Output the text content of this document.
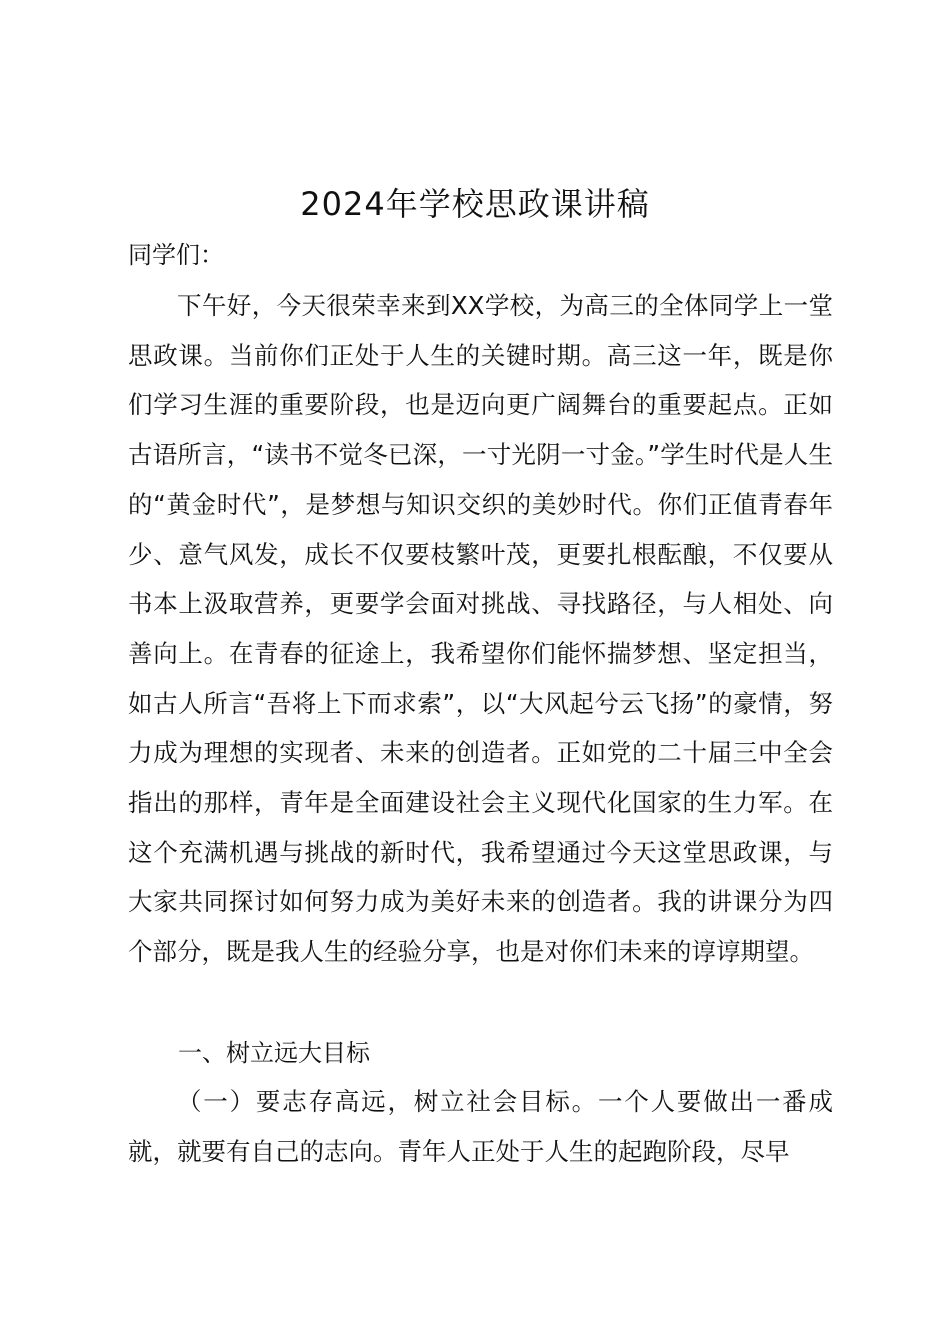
2024年学校思政课讲稿
同学们：

下午好，今天很荣幸来到XX学校，为高三的全体同学上一堂思政课。当前你们正处于人生的关键时期。高三这一年，既是你们学习生涯的重要阶段，也是迈向更广阔舞台的重要起点。正如古语所言，“读书不觉冬已深，一寸光阴一寸金。”学生时代是人生的“黄金时代”，是梦想与知识交织的美妙时代。你们正值青春年少、意气风发，成长不仅要枝繁叶茂，更要扎根酝酿，不仅要从书本上汲取营养，更要学会面对挑战、寻找路径，与人相处、向善向上。在青春的征途上，我希望你们能怀揣梦想、坚定担当，如古人所言“吾将上下而求索”，以“大风起兮云飞扬”的豪情，努力成为理想的实现者、未来的创造者。正如党的二十届三中全会指出的那样，青年是全面建设社会主义现代化国家的生力军。在这个充满机遇与挑战的新时代，我希望通过今天这堂思政课，与大家共同探讨如何努力成为美好未来的创造者。我的讲课分为四个部分，既是我人生的经验分享，也是对你们未来的谆谆期望。

一、树立远大目标

（一）要志存高远，树立社会目标。一个人要做出一番成就，就要有自己的志向。青年人正处于人生的起跑阶段，尽早
